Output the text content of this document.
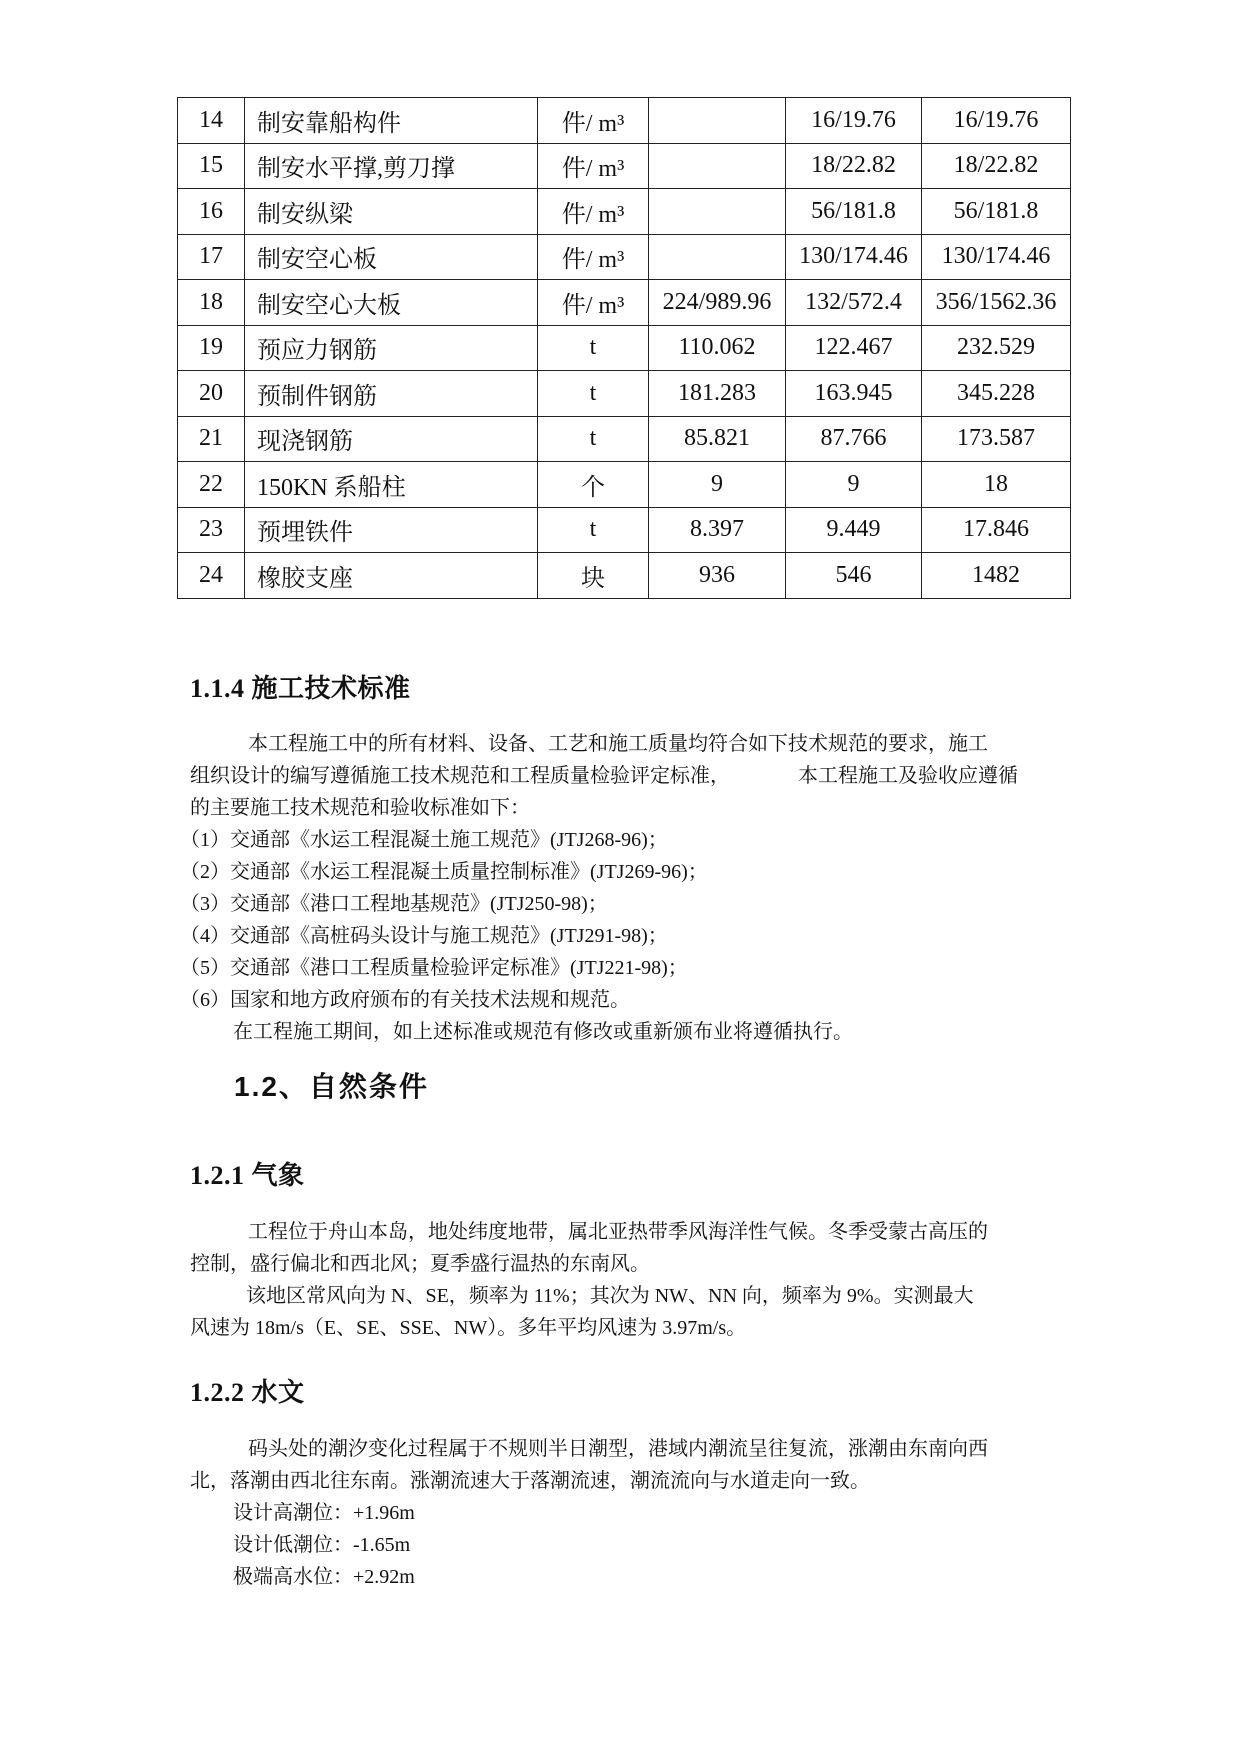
14	制安靠船构件	件/ m³		16/19.76	16/19.76
15	制安水平撑,剪刀撑	件/ m³		18/22.82	18/22.82
16	制安纵梁	件/ m³		56/181.8	56/181.8
17	制安空心板	件/ m³		130/174.46	130/174.46
18	制安空心大板	件/ m³	224/989.96	132/572.4	356/1562.36
19	预应力钢筋	t	110.062	122.467	232.529
20	预制件钢筋	t	181.283	163.945	345.228
21	现浇钢筋	t	85.821	87.766	173.587
22	150KN 系船柱	个	9	9	18
23	预埋铁件	t	8.397	9.449	17.846
24	橡胶支座	块	936	546	1482
1.1.4 施工技术标准
本工程施工中的所有材料、设备、工艺和施工质量均符合如下技术规范的要求，施工
组织设计的编写遵循施工技术规范和工程质量检验评定标准，	本工程施工及验收应遵循
的主要施工技术规范和验收标准如下：
（1）交通部《水运工程混凝土施工规范》(JTJ268-96)；
（2）交通部《水运工程混凝土质量控制标准》(JTJ269-96)；
（3）交通部《港口工程地基规范》(JTJ250-98)；
（4）交通部《高桩码头设计与施工规范》(JTJ291-98)；
（5）交通部《港口工程质量检验评定标准》(JTJ221-98)；
（6）国家和地方政府颁布的有关技术法规和规范。
在工程施工期间，如上述标准或规范有修改或重新颁布业将遵循执行。
1.2、自然条件
1.2.1 气象
工程位于舟山本岛，地处纬度地带，属北亚热带季风海洋性气候。冬季受蒙古高压的
控制，盛行偏北和西北风；夏季盛行温热的东南风。
该地区常风向为 N、SE，频率为 11%；其次为 NW、NN 向，频率为 9%。实测最大
风速为 18m/s（E、SE、SSE、NW）。多年平均风速为 3.97m/s。
1.2.2 水文
码头处的潮汐变化过程属于不规则半日潮型，港域内潮流呈往复流，涨潮由东南向西
北，落潮由西北往东南。涨潮流速大于落潮流速，潮流流向与水道走向一致。
设计高潮位：+1.96m
设计低潮位：-1.65m
极端高水位：+2.92m
